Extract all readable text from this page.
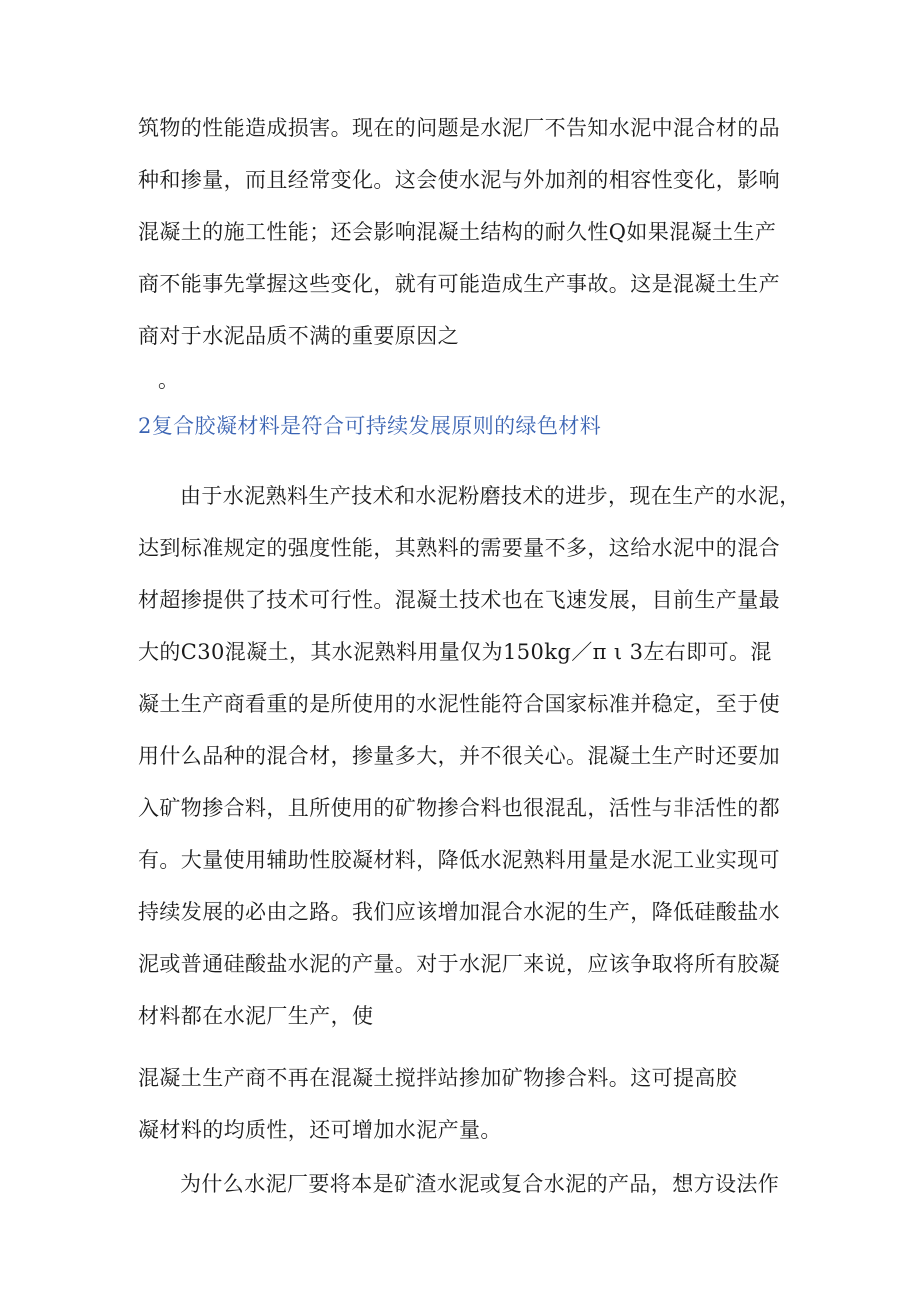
筑物的性能造成损害。现在的问题是水泥厂不告知水泥中混合材的品
种和掺量，而且经常变化。这会使水泥与外加剂的相容性变化，影响
混凝土的施工性能；还会影响混凝土结构的耐久性Q如果混凝土生产
商不能事先掌握这些变化，就有可能造成生产事故。这是混凝土生产
商对于水泥品质不满的重要原因之
。
2复合胶凝材料是符合可持续发展原则的绿色材料
由于水泥熟料生产技术和水泥粉磨技术的进步，现在生产的水泥，
达到标准规定的强度性能，其熟料的需要量不多，这给水泥中的混合
材超掺提供了技术可行性。混凝土技术也在飞速发展，目前生产量最
大的C30混凝土，其水泥熟料用量仅为150kg／π ι 3左右即可。混
凝土生产商看重的是所使用的水泥性能符合国家标准并稳定，至于使
用什么品种的混合材，掺量多大，并不很关心。混凝土生产时还要加
入矿物掺合料，且所使用的矿物掺合料也很混乱，活性与非活性的都
有。大量使用辅助性胶凝材料，降低水泥熟料用量是水泥工业实现可
持续发展的必由之路。我们应该增加混合水泥的生产，降低硅酸盐水
泥或普通硅酸盐水泥的产量。对于水泥厂来说，应该争取将所有胶凝
材料都在水泥厂生产，使
混凝土生产商不再在混凝土搅拌站掺加矿物掺合料。这可提高胶
凝材料的均质性，还可增加水泥产量。
为什么水泥厂要将本是矿渣水泥或复合水泥的产品，想方设法作
